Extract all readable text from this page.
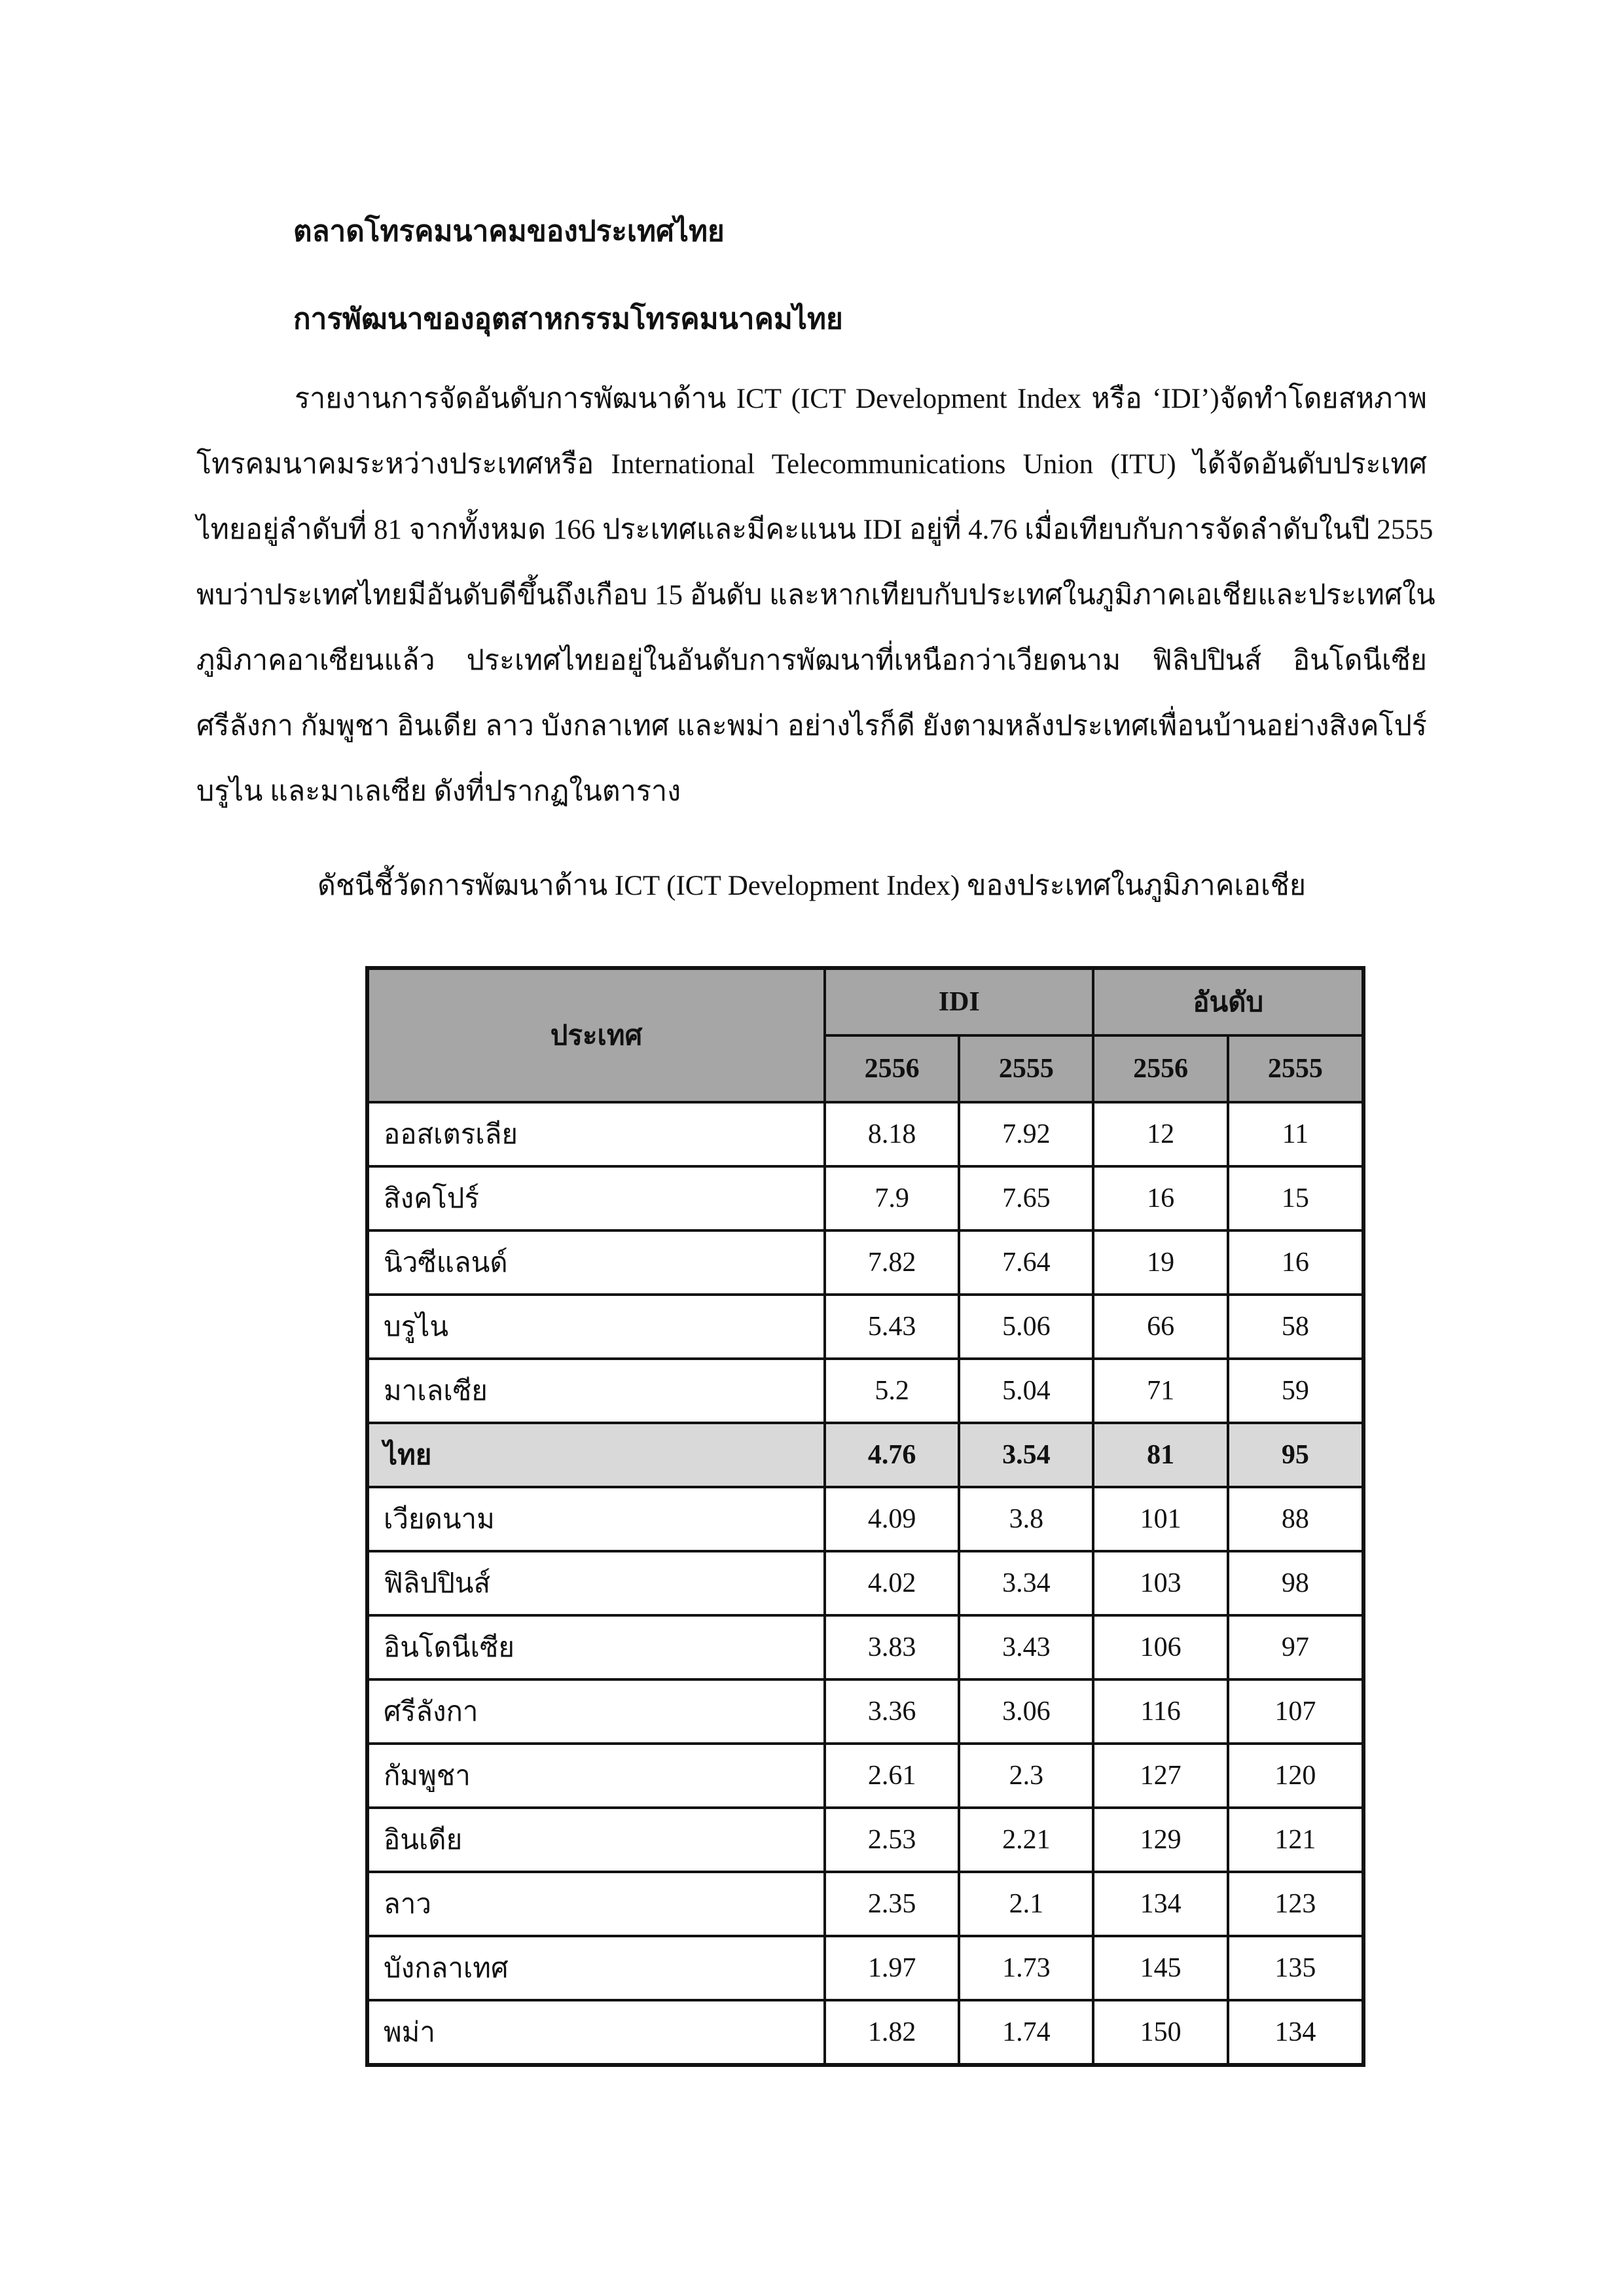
ตลาดโทรคมนาคมของประเทศไทย
การพัฒนาของอุตสาหกรรมโทรคมนาคมไทย
รายงานการจัดอันดับการพัฒนาด้าน ICT (ICT Development Index หรือ ‘IDI’)จัดทำโดยสหภาพ
โทรคมนาคมระหว่างประเทศหรือ International Telecommunications Union (ITU) ได้จัดอันดับประเทศ
ไทยอยู่ลำดับที่ 81 จากทั้งหมด 166 ประเทศและมีคะแนน IDI อยู่ที่ 4.76 เมื่อเทียบกับการจัดลำดับในปี 2555
พบว่าประเทศไทยมีอันดับดีขึ้นถึงเกือบ 15 อันดับ และหากเทียบกับประเทศในภูมิภาคเอเชียและประเทศใน
ภูมิภาคอาเซียนแล้ว ประเทศไทยอยู่ในอันดับการพัฒนาที่เหนือกว่าเวียดนาม ฟิลิปปินส์ อินโดนีเซีย
ศรีลังกา กัมพูชา อินเดีย ลาว บังกลาเทศ และพม่า อย่างไรก็ดี ยังตามหลังประเทศเพื่อนบ้านอย่างสิงคโปร์
บรูไน และมาเลเซีย ดังที่ปรากฏในตาราง
ดัชนีชี้วัดการพัฒนาด้าน ICT (ICT Development Index) ของประเทศในภูมิภาคเอเชีย
ประเทศ	IDI		อันดับ	
	2556	2555	2556	2555
ออสเตรเลีย	8.18	7.92	12	11
สิงคโปร์	7.9	7.65	16	15
นิวซีแลนด์	7.82	7.64	19	16
บรูไน	5.43	5.06	66	58
มาเลเซีย	5.2	5.04	71	59
ไทย	4.76	3.54	81	95
เวียดนาม	4.09	3.8	101	88
ฟิลิปปินส์	4.02	3.34	103	98
อินโดนีเซีย	3.83	3.43	106	97
ศรีลังกา	3.36	3.06	116	107
กัมพูชา	2.61	2.3	127	120
อินเดีย	2.53	2.21	129	121
ลาว	2.35	2.1	134	123
บังกลาเทศ	1.97	1.73	145	135
พม่า	1.82	1.74	150	134
